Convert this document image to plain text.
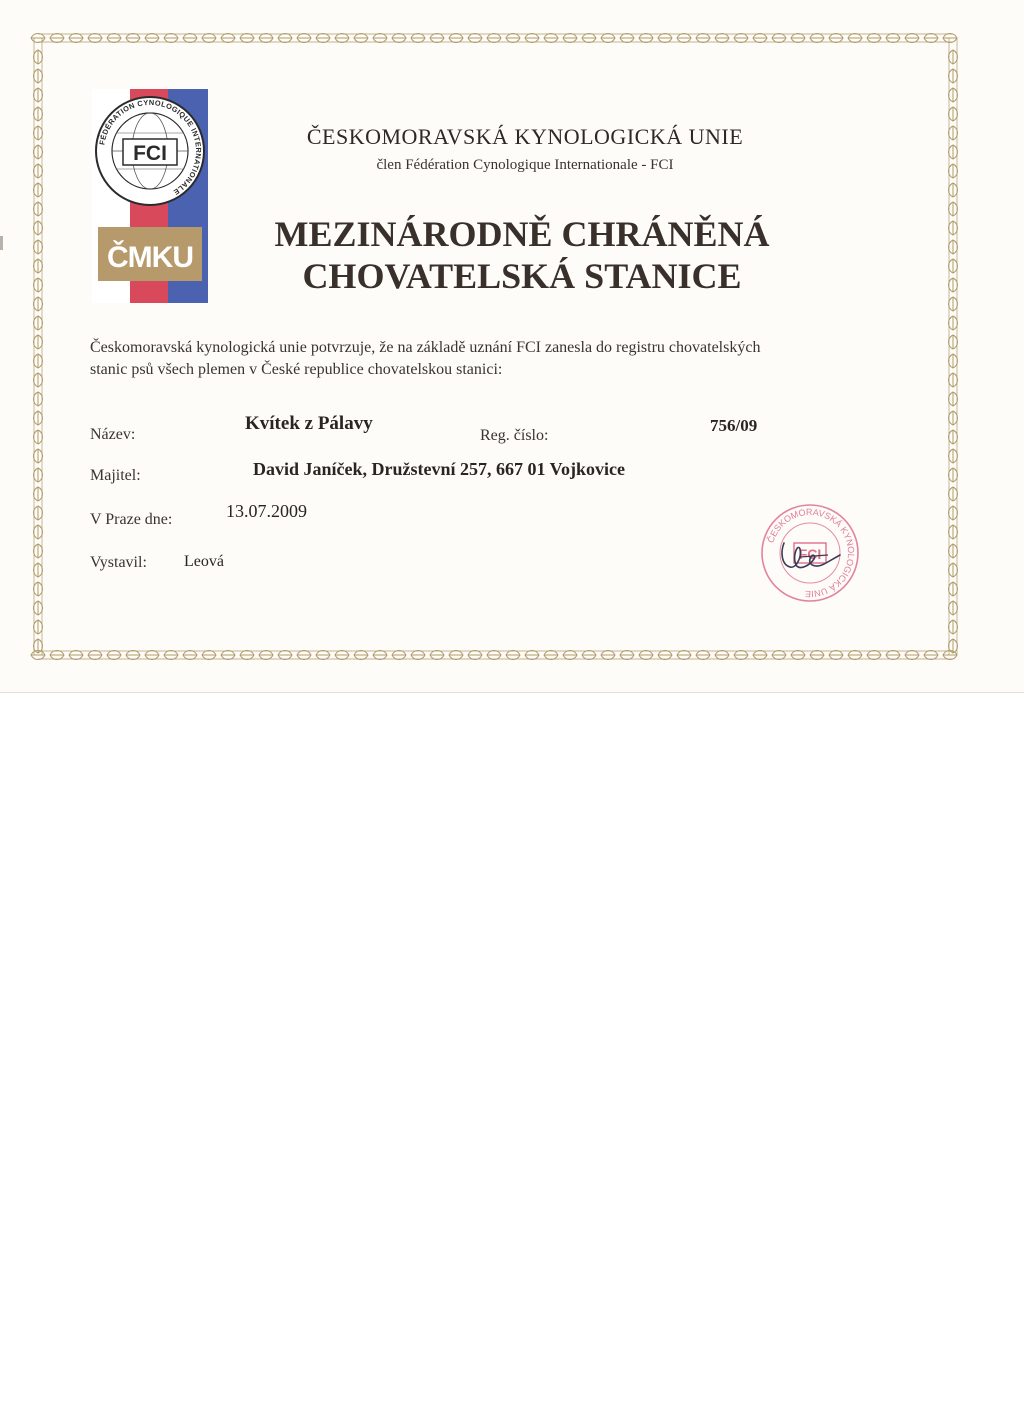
FCI
FÉDÉRATION CYNOLOGIQUE INTERNATIONALE
ČMKU
ČESKOMORAVSKÁ KYNOLOGICKÁ UNIE
člen Fédération Cynologique Internationale - FCI
MEZINÁRODNĚ CHRÁNĚNÁ
CHOVATELSKÁ STANICE
Českomoravská kynologická unie potvrzuje, že na základě uznání FCI zanesla do registru chovatelských
stanic psů všech plemen v České republice chovatelskou stanici:
Název:
Kvítek z Pálavy
Reg. číslo:
756/09
Majitel:	David Janíček, Družstevní 257, 667 01 Vojkovice
V Praze dne:	13.07.2009
Vystavil: Leová
ČESKOMORAVSKÁ KYNOLOGICKÁ UNIE
FCI
